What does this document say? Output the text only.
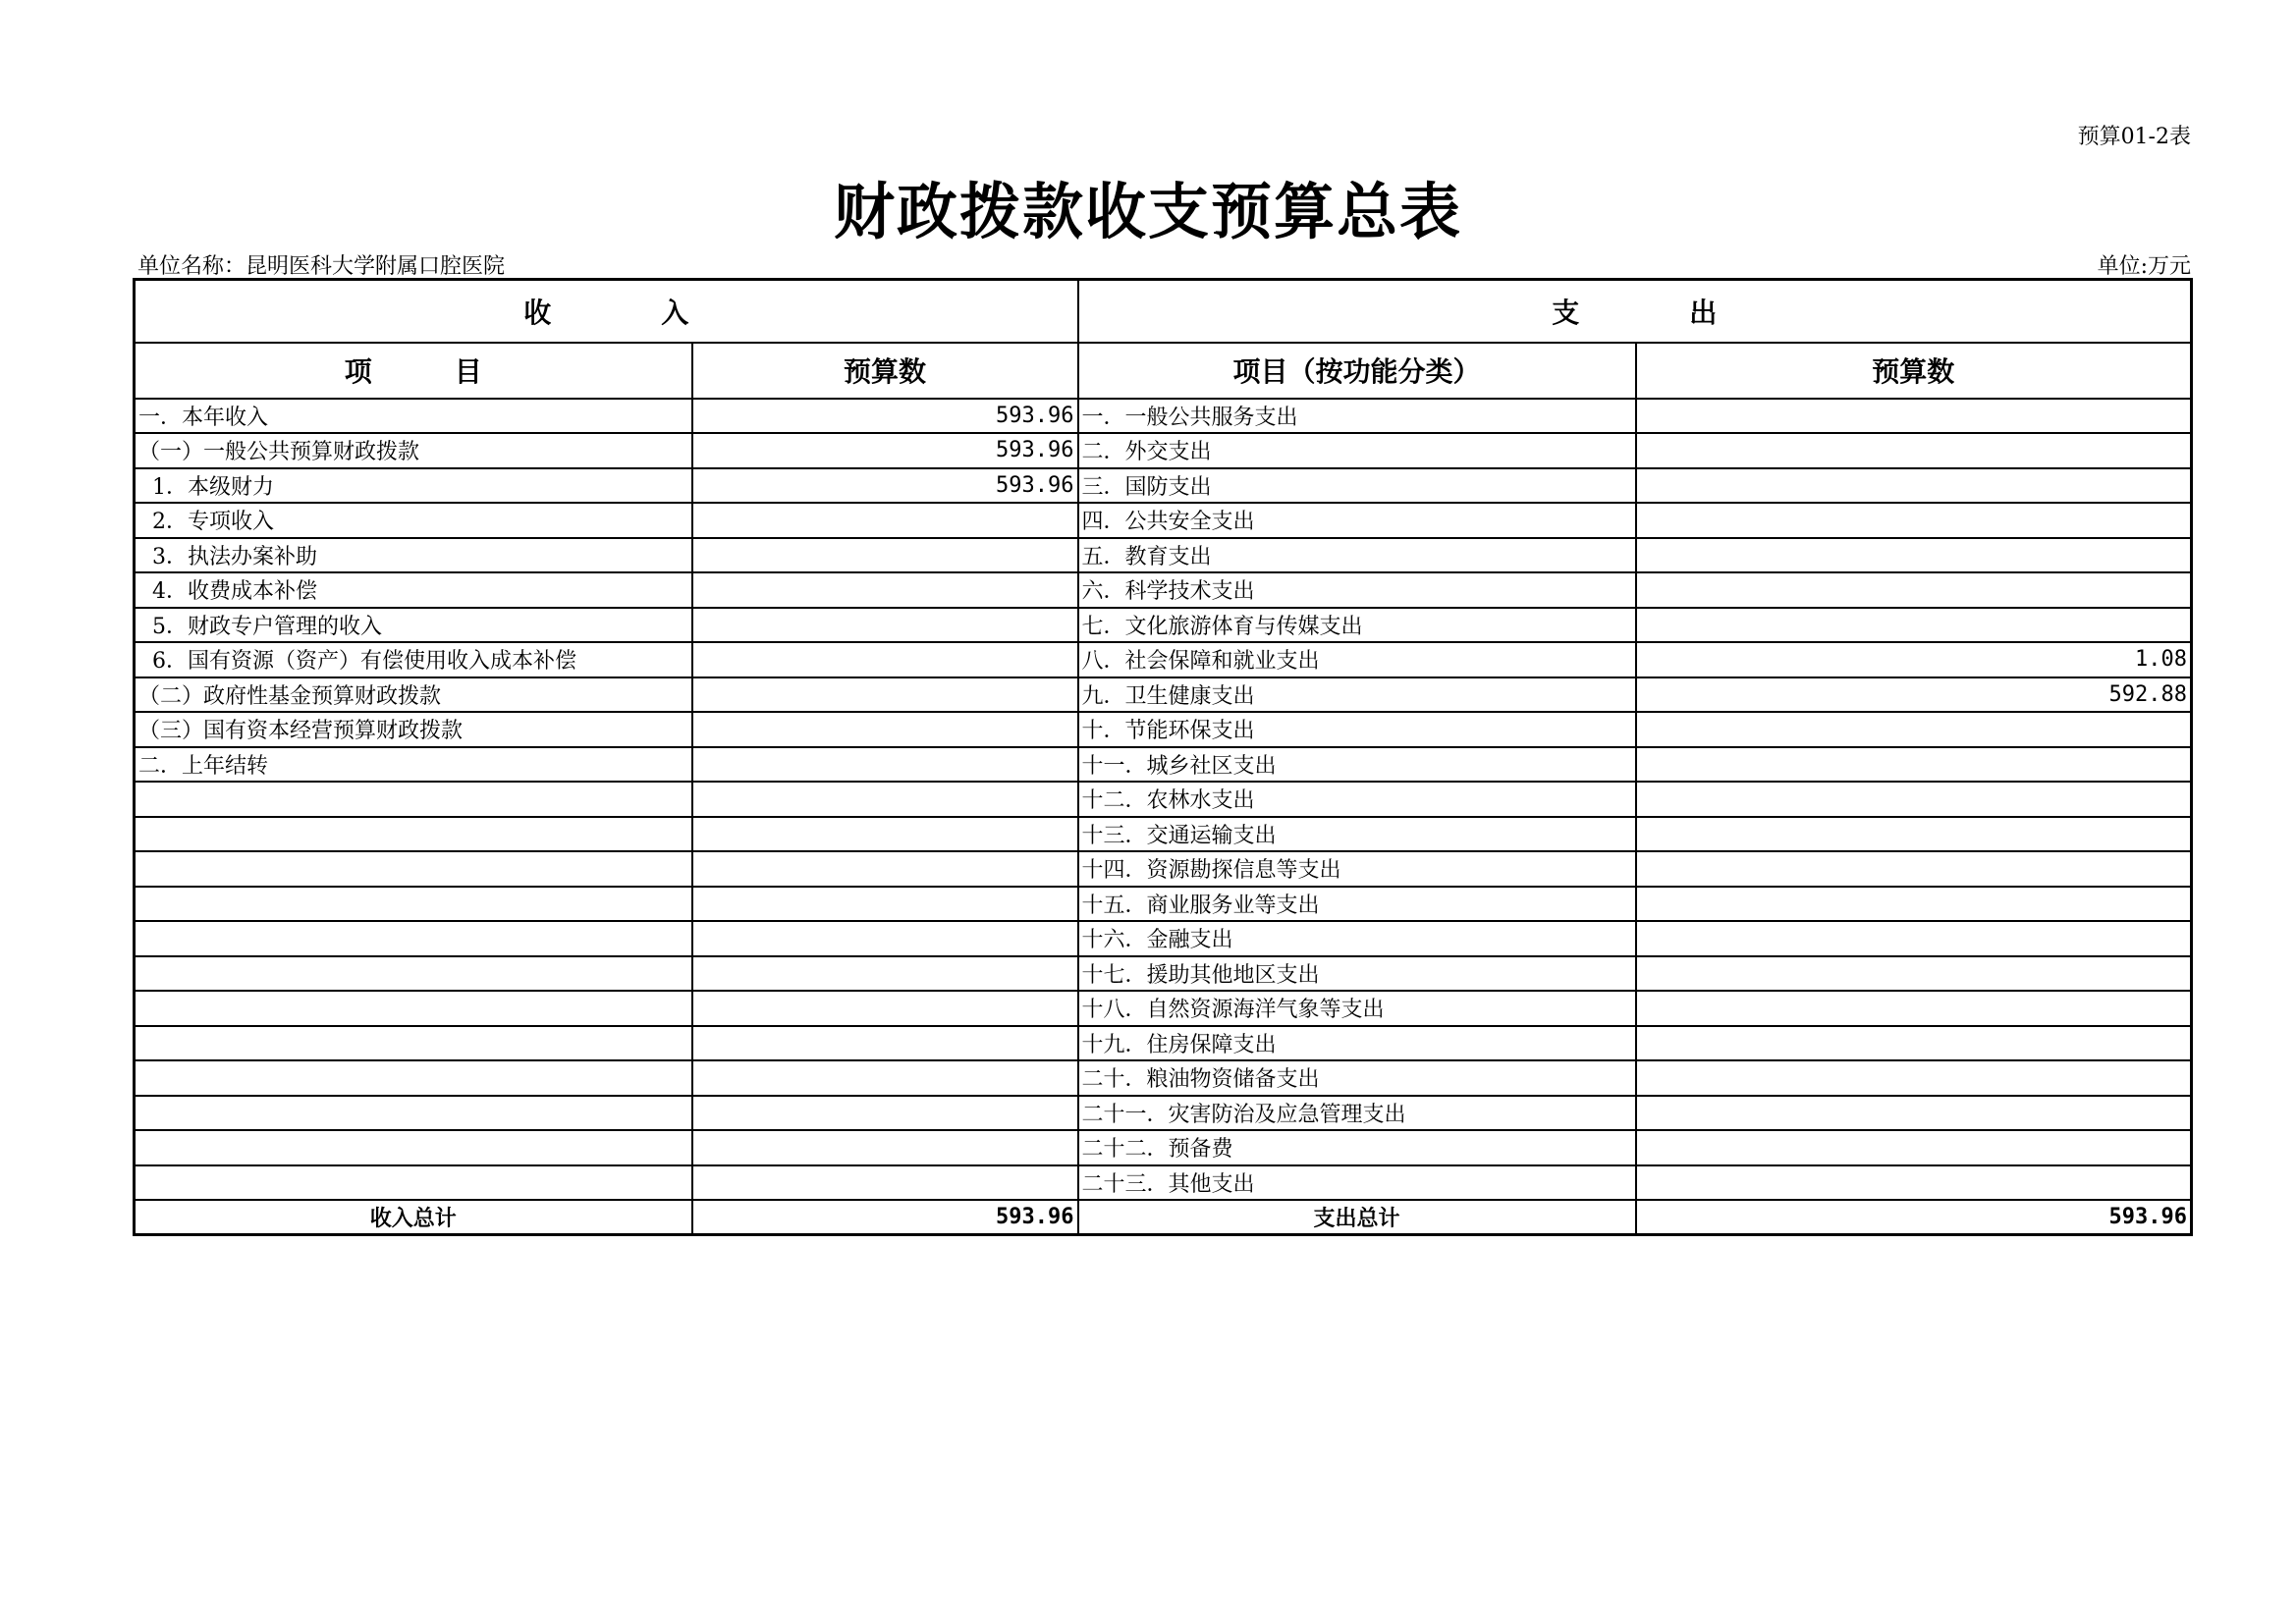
预算01-2表
财政拨款收支预算总表
单位名称：昆明医科大学附属口腔医院	单位:万元
收　　　　入		支　　　　出	
项　　　目	预算数	项目（按功能分类）	预算数
一．本年收入	593.96	一．一般公共服务支出	
（一）一般公共预算财政拨款	593.96	二．外交支出	
1．本级财力	593.96	三．国防支出	
2．专项收入		四．公共安全支出	
3．执法办案补助		五．教育支出	
4．收费成本补偿		六．科学技术支出	
5．财政专户管理的收入		七．文化旅游体育与传媒支出	
6．国有资源（资产）有偿使用收入成本补偿		八．社会保障和就业支出	1.08
（二）政府性基金预算财政拨款		九．卫生健康支出	592.88
（三）国有资本经营预算财政拨款		十．节能环保支出	
二．上年结转		十一．城乡社区支出	
		十二．农林水支出	
		十三．交通运输支出	
		十四．资源勘探信息等支出	
		十五．商业服务业等支出	
		十六．金融支出	
		十七．援助其他地区支出	
		十八．自然资源海洋气象等支出	
		十九．住房保障支出	
		二十．粮油物资储备支出	
		二十一．灾害防治及应急管理支出	
		二十二．预备费	
		二十三．其他支出	
收入总计	593.96	支出总计	593.96
